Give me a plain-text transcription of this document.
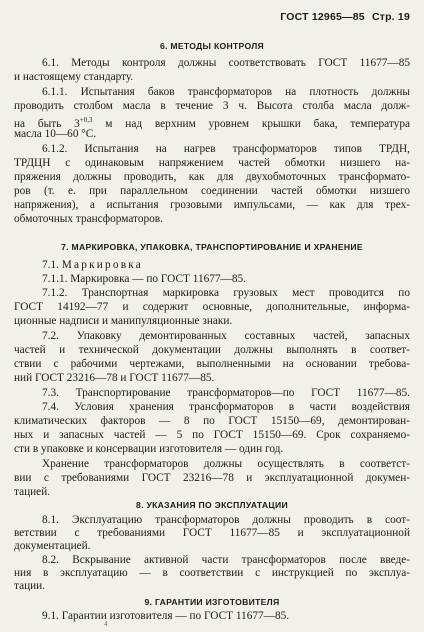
ГОСТ 12965—85 Стр. 19
6. МЕТОДЫ КОНТРОЛЯ
6.1. Методы контроля должны соответствовать ГОСТ 11677—85
и настоящему стандарту.
6.1.1. Испытания баков трансформаторов на плотность должны
проводить столбом масла в течение 3 ч. Высота столба масла долж-
на быть $3^{+0,3}$ м над верхним уровнем крышки бака, температура
масла 10—60 °C.
6.1.2. Испытания на нагрев трансформаторов типов ТРДН,
ТРДЦН с одинаковым напряжением частей обмотки низшего на-
пряжения должны проводить, как для двухобмоточных трансформато-
ров (т. е. при параллельном соединении частей обмотки низшего
напряжения), а испытания грозовыми импульсами, — как для трех-
обмоточных трансформаторов.
7. МАРКИРОВКА, УПАКОВКА, ТРАНСПОРТИРОВАНИЕ И ХРАНЕНИЕ
7.1. Маркировка
7.1.1. Маркировка — по ГОСТ 11677—85.
7.1.2. Транспортная маркировка грузовых мест проводится по
ГОСТ 14192—77 и содержит основные, дополнительные, информа-
ционные надписи и манипуляционные знаки.
7.2. Упаковку демонтированных составных частей, запасных
частей и технической документации должны выполнять в соответ-
ствии с рабочими чертежами, выполненными на основании требова-
ний ГОСТ 23216—78 и ГОСТ 11677—85.
7.3. Транспортирование трансформаторов—по ГОСТ 11677—85.
7.4. Условия хранения трансформаторов в части воздействия
климатических факторов — 8 по ГОСТ 15150—69, демонтирован-
ных и запасных частей — 5 по ГОСТ 15150—69. Срок сохраняемо-
сти в упаковке и консервации изготовителя — один год.
Хранение трансформаторов должны осуществлять в соответст-
вии с требованиями ГОСТ 23216—78 и эксплуатационной докумен-
тацией.
4
8. УКАЗАНИЯ ПО ЭКСПЛУАТАЦИИ
8.1. Эксплуатацию трансформаторов должны проводить в соот-
ветствии с требованиями ГОСТ 11677—85 и эксплуатационной
документацией.
8.2. Вскрывание активной части трансформаторов после введе-
ния в эксплуатацию — в соответствии с инструкцией по эксплуа-
тации.
9. ГАРАНТИИ ИЗГОТОВИТЕЛЯ
9.1. Гарантии изготовителя — по ГОСТ 11677—85.
